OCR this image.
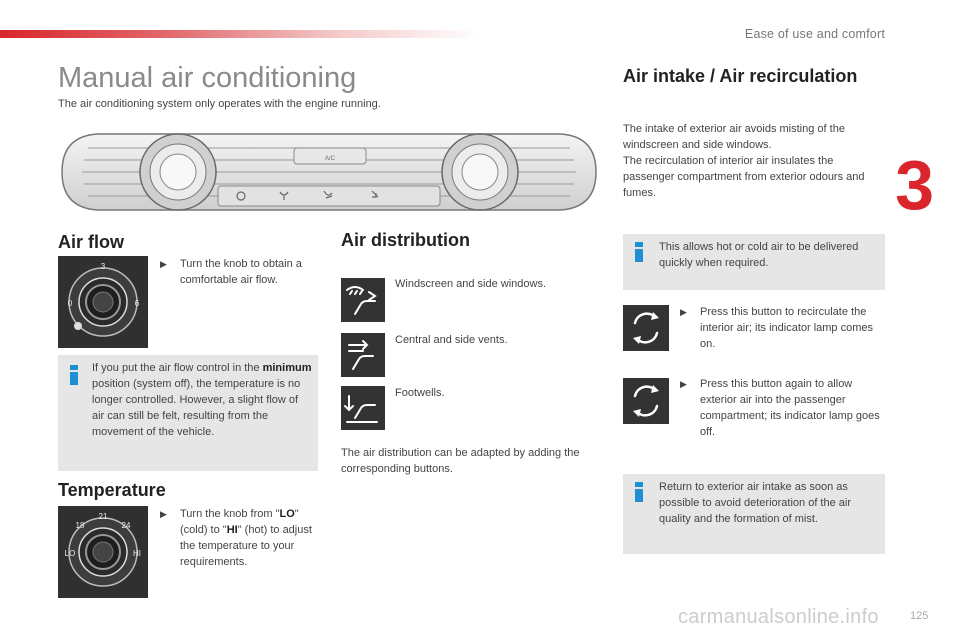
Ease of use and comfort
3
Manual air conditioning
The air conditioning system only operates with the engine running.
A/C
Air flow
3
0	6
▶	Turn the knob to obtain a comfortable air flow.
If you put the air flow control in the minimum position (system off), the temperature is no longer controlled. However, a slight flow of air can still be felt, resulting from the movement of the vehicle.
Temperature
21
18	24
LO	HI
▶	Turn the knob from "LO" (cold) to "HI" (hot) to adjust the temperature to your requirements.
Air distribution
Windscreen and side windows.
Central and side vents.
Footwells.
The air distribution can be adapted by adding the corresponding buttons.
Air intake / Air recirculation
The intake of exterior air avoids misting of the windscreen and side windows.
The recirculation of interior air insulates the passenger compartment from exterior odours and fumes.
This allows hot or cold air to be delivered quickly when required.
▶	Press this button to recirculate the interior air; its indicator lamp comes on.
▶	Press this button again to allow exterior air into the passenger compartment; its indicator lamp goes off.
Return to exterior air intake as soon as possible to avoid deterioration of the air quality and the formation of mist.
carmanualsonline.info	125
